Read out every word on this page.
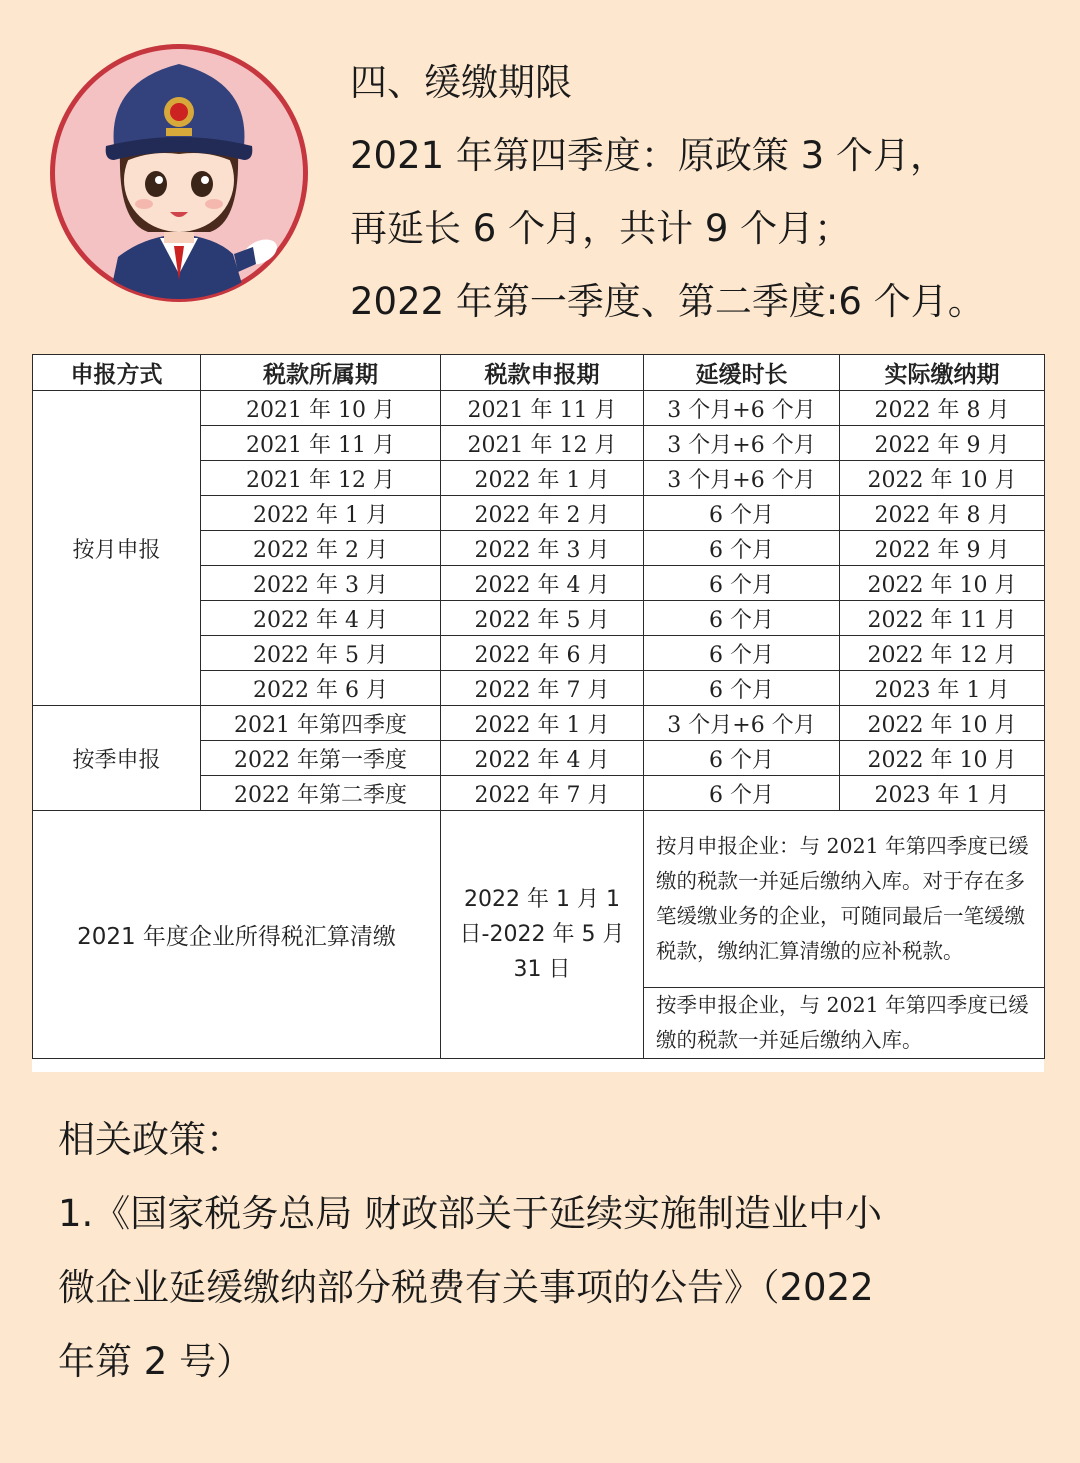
四、缓缴期限
2021 年第四季度：原政策 3 个月，
再延长 6 个月，共计 9 个月；
2022 年第一季度、第二季度:6 个月。
申报方式	税款所属期	税款申报期	延缓时长	实际缴纳期
按月申报	2021 年 10 月	2021 年 11 月	3 个月+6 个月	2022 年 8 月
	2021 年 11 月	2021 年 12 月	3 个月+6 个月	2022 年 9 月
	2021 年 12 月	2022 年 1 月	3 个月+6 个月	2022 年 10 月
	2022 年 1 月	2022 年 2 月	6 个月	2022 年 8 月
	2022 年 2 月	2022 年 3 月	6 个月	2022 年 9 月
	2022 年 3 月	2022 年 4 月	6 个月	2022 年 10 月
	2022 年 4 月	2022 年 5 月	6 个月	2022 年 11 月
	2022 年 5 月	2022 年 6 月	6 个月	2022 年 12 月
	2022 年 6 月	2022 年 7 月	6 个月	2023 年 1 月
按季申报	2021 年第四季度	2022 年 1 月	3 个月+6 个月	2022 年 10 月
	2022 年第一季度	2022 年 4 月	6 个月	2022 年 10 月
	2022 年第二季度	2022 年 7 月	6 个月	2023 年 1 月
2021 年度企业所得税汇算清缴		2022 年 1 月 1 日-2022 年 5 月 31 日	按月申报企业：与 2021 年第四季度已缓缴的税款一并延后缴纳入库。对于存在多笔缓缴业务的企业，可随同最后一笔缓缴税款，缴纳汇算清缴的应补税款。	
			按季申报企业，与 2021 年第四季度已缓缴的税款一并延后缴纳入库。	
相关政策：
1.《国家税务总局 财政部关于延续实施制造业中小
微企业延缓缴纳部分税费有关事项的公告》（2022
年第 2 号）
